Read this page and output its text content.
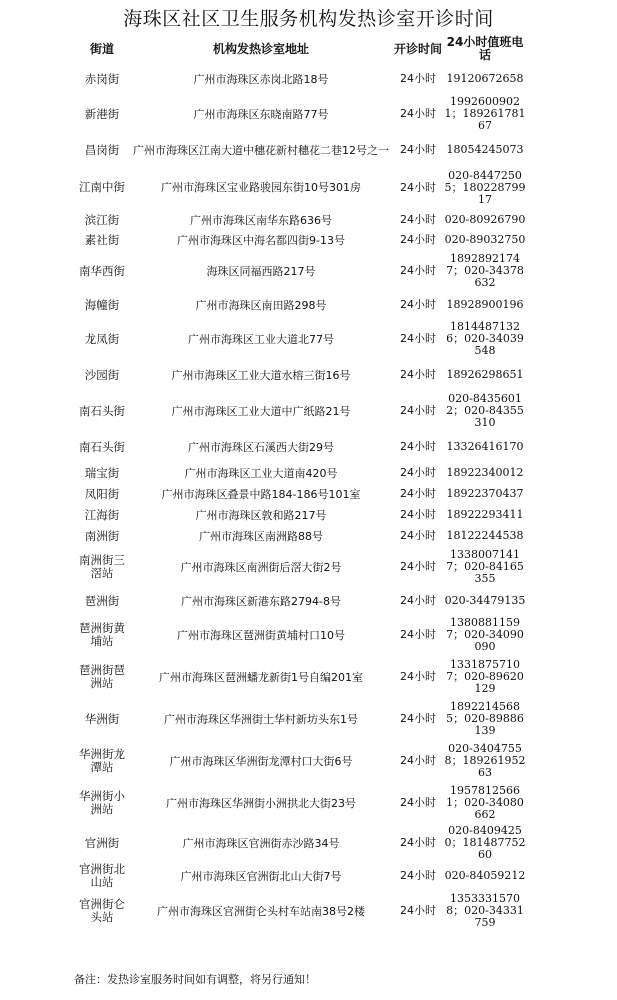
海珠区社区卫生服务机构发热诊室开诊时间
街道	机构发热诊室地址	开诊时间	24小时值班电话
赤岗街	广州市海珠区赤岗北路18号	24小时	19120672658
新港街	广州市海珠区东晓南路77号	24小时	19926009021；18926178167
昌岗街	广州市海珠区江南大道中穗花新村穗花二巷12号之一	24小时	18054245073
江南中街	广州市海珠区宝业路骏园东街10号301房	24小时	020-84472505；18022879917
滨江街	广州市海珠区南华东路636号	24小时	020-80926790
素社街	广州市海珠区中海名都四街9-13号	24小时	020-89032750
南华西街	海珠区同福西路217号	24小时	18928921747；020-34378632
海幢街	广州市海珠区南田路298号	24小时	18928900196
龙凤街	广州市海珠区工业大道北77号	24小时	18144871326；020-34039548
沙园街	广州市海珠区工业大道水榕三街16号	24小时	18926298651
南石头街	广州市海珠区工业大道中广纸路21号	24小时	020-84356012；020-84355310
南石头街	广州市海珠区石溪西大街29号	24小时	13326416170
瑞宝街	广州市海珠区工业大道南420号	24小时	18922340012
凤阳街	广州市海珠区叠景中路184-186号101室	24小时	18922370437
江海街	广州市海珠区敦和路217号	24小时	18922293411
南洲街	广州市海珠区南洲路88号	24小时	18122244538
南洲街三滘站	广州市海珠区南洲街后滘大街2号	24小时	13380071417；020-84165355
琶洲街	广州市海珠区新港东路2794-8号	24小时	020-34479135
琶洲街黄埔站	广州市海珠区琶洲街黄埔村口10号	24小时	13808811597；020-34090090
琶洲街琶洲站	广州市海珠区琶洲蟠龙新街1号自编201室	24小时	13318757107；020-89620129
华洲街	广州市海珠区华洲街土华村新坊头东1号	24小时	18922145685；020-89886139
华洲街龙潭站	广州市海珠区华洲街龙潭村口大街6号	24小时	020-34047558；18926195263
华洲街小洲站	广州市海珠区华洲街小洲拱北大街23号	24小时	19578125661；020-34080662
官洲街	广州市海珠区官洲街赤沙路34号	24小时	020-84094250；18148775260
官洲街北山站	广州市海珠区官洲街北山大街7号	24小时	020-84059212
官洲街仑头站	广州市海珠区官洲街仑头村车站南38号2楼	24小时	13533315708；020-34331759
备注：发热诊室服务时间如有调整，将另行通知！
